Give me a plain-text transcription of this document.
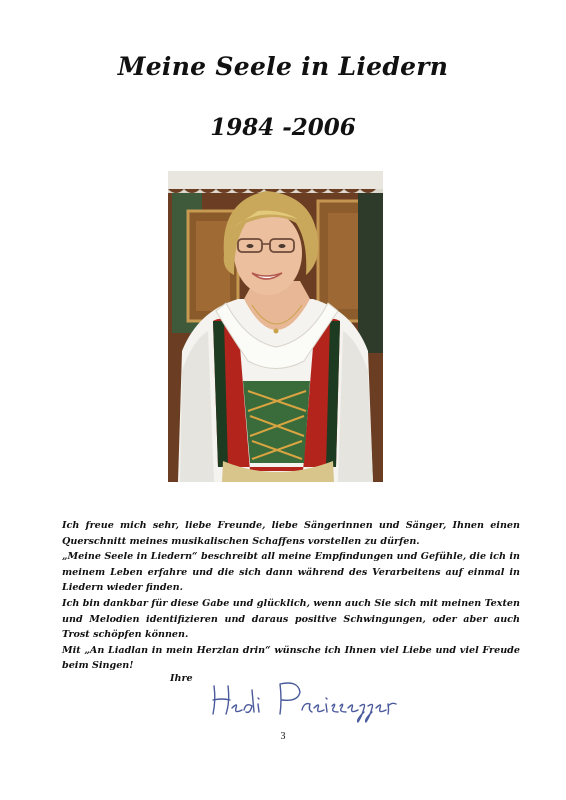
Meine Seele in Liedern
1984 -2006

Ich freue mich sehr, liebe Freunde, liebe Sängerinnen und Sänger, Ihnen einen Querschnitt meines musikalischen Schaffens vorstellen zu dürfen.

„Meine Seele in Liedern“ beschreibt all meine Empfindungen und Gefühle, die ich in meinem Leben erfahre und die sich dann während des Verarbeitens auf einmal in Liedern wieder finden.

Ich bin dankbar für diese Gabe und glücklich, wenn auch Sie sich mit meinen Texten und Melodien identifizieren und daraus positive Schwingungen, oder aber auch Trost schöpfen können.

Mit „An Liadlan in mein Herzlan drin“ wünsche ich Ihnen viel Liebe und viel Freude beim Singen!

Ihre
3
